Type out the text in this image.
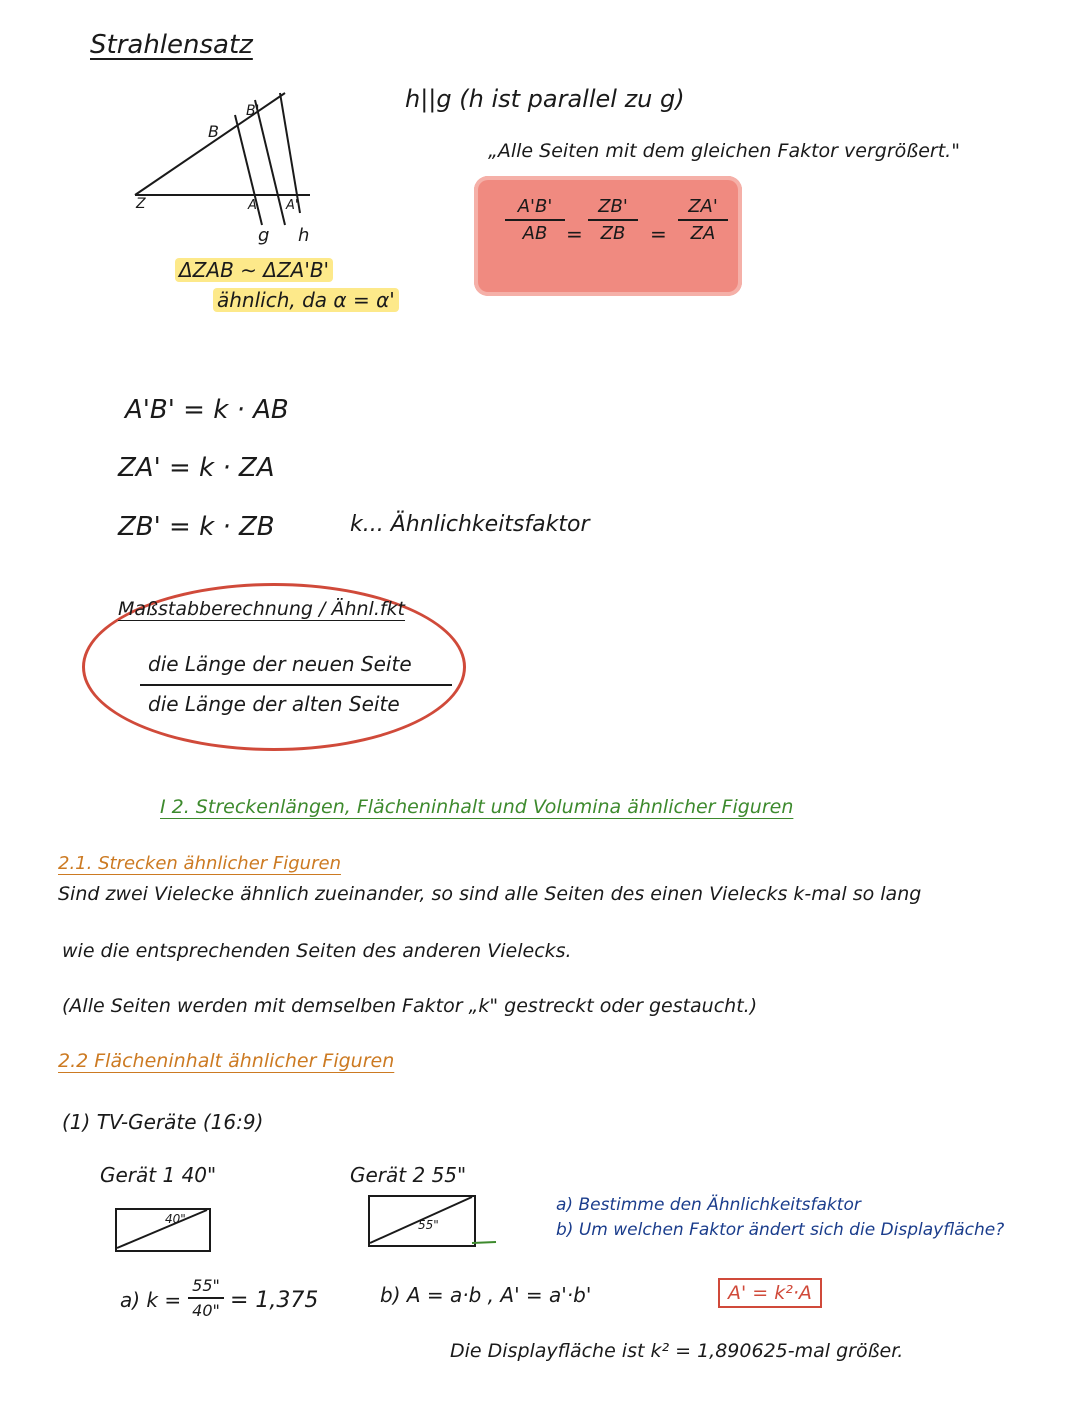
Strahlensatz
B
B'
Z	A A'
g h
ΔZAB ∼ ΔZA'B'
ähnlich, da α = α'
h||g (h ist parallel zu g)
„Alle Seiten mit dem gleichen Faktor vergrößert."
A'B'
AB =
ZB'
ZB	=
ZA'
ZA
A'B' = k · AB
ZA' = k · ZA
ZB' = k · ZB	k... Ähnlichkeitsfaktor
Maßstabberechnung / Ähnl.fkt
die Länge der neuen Seite
die Länge der alten Seite
I 2. Streckenlängen, Flächeninhalt und Volumina ähnlicher Figuren
2.1. Strecken ähnlicher Figuren
Sind zwei Vielecke ähnlich zueinander, so sind alle Seiten des einen Vielecks k-mal so lang
wie die entsprechenden Seiten des anderen Vielecks.
(Alle Seiten werden mit demselben Faktor „k" gestreckt oder gestaucht.)
2.2 Flächeninhalt ähnlicher Figuren
(1) TV-Geräte (16:9)
Gerät 1 40"
40"
Gerät 2 55"
55"
a) Bestimme den Ähnlichkeitsfaktor
b) Um welchen Faktor ändert sich die Displayfläche?
a) k =
55"
40" = 1,375	b) A = a·b , A' = a'·b'	A' = k²·A
Die Displayfläche ist k² = 1,890625-mal größer.
